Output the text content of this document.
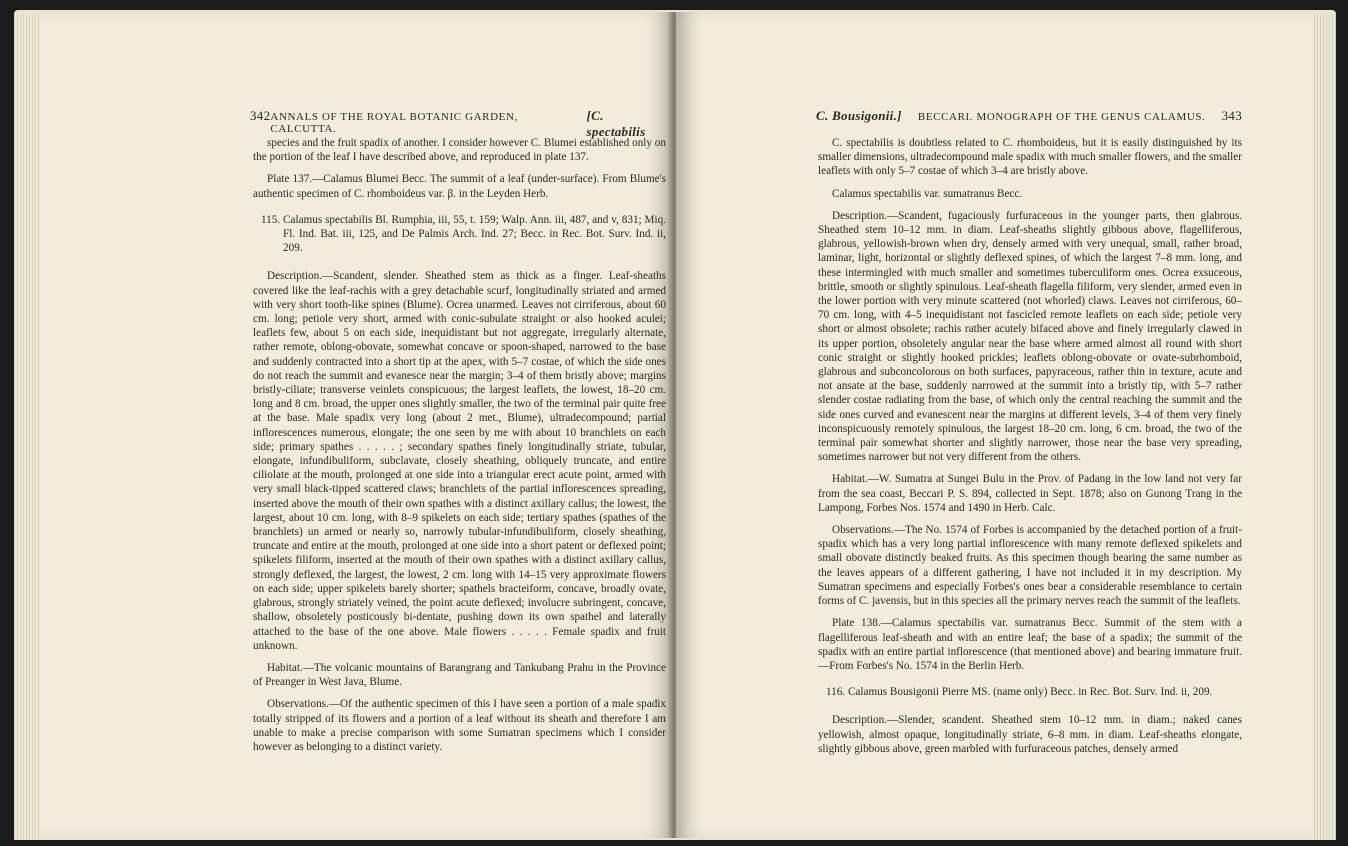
342 ANNALS OF THE ROYAL BOTANIC GARDEN, CALCUTTA.
[C. spectabilis

species and the fruit spadix of another. I consider however C. Blumei established only on the portion of the leaf I have described above, and reproduced in plate 137.

Plate 137.—Calamus Blumei Becc. The summit of a leaf (under-surface). From Blume's authentic specimen of C. rhomboideus var. β. in the Leyden Herb.

115. Calamus spectabilis Bl. Rumphia, iii, 55, t. 159; Walp. Ann. iii, 487, and v, 831; Miq. Fl. Ind. Bat. iii, 125, and De Palmis Arch. Ind. 27; Becc. in Rec. Bot. Surv. Ind. ii, 209.

Description.—Scandent, slender. Sheathed stem as thick as a finger. Leaf-sheaths covered like the leaf-rachis with a grey detachable scurf, longitudinally striated and armed with very short tooth-like spines (Blume). Ocrea unarmed. Leaves not cirriferous, about 60 cm. long; petiole very short, armed with conic-subulate straight or also hooked aculei; leaflets few, about 5 on each side, inequidistant but not aggregate, irregularly alternate, rather remote, oblong-obovate, somewhat concave or spoon-shaped, narrowed to the base and suddenly contracted into a short tip at the apex, with 5–7 costae, of which the side ones do not reach the summit and evanesce near the margin; 3–4 of them bristly above; margins bristly-ciliate; transverse veinlets conspicuous; the largest leaflets, the lowest, 18–20 cm. long and 8 cm. broad, the upper ones slightly smaller, the two of the terminal pair quite free at the base. Male spadix very long (about 2 met., Blume), ultradecompound; partial inflorescences numerous, elongate; the one seen by me with about 10 branchlets on each side; primary spathes . . . . . ; secondary spathes finely longitudinally striate, tubular, elongate, infundibuliform, subclavate, closely sheathing, obliquely truncate, and entire ciliolate at the mouth, prolonged at one side into a triangular erect acute point, armed with very small black-tipped scattered claws; branchlets of the partial inflorescences spreading, inserted above the mouth of their own spathes with a distinct axillary callus; the lowest, the largest, about 10 cm. long, with 8–9 spikelets on each side; tertiary spathes (spathes of the branchlets) un armed or nearly so, narrowly tubular-infundibuliform, closely sheathing, truncate and entire at the mouth, prolonged at one side into a short patent or deflexed point; spikelets filiform, inserted at the mouth of their own spathes with a distinct axillary callus, strongly deflexed, the largest, the lowest, 2 cm. long with 14–15 very approximate flowers on each side; upper spikelets barely shorter; spathels bracteiform, concave, broadly ovate, glabrous, strongly striately veined, the point acute deflexed; involucre subringent, concave, shallow, obsoletely posticously bi-dentate, pushing down its own spathel and laterally attached to the base of the one above. Male flowers . . . . . Female spadix and fruit unknown.

Habitat.—The volcanic mountains of Barangrang and Tankubang Prahu in the Province of Preanger in West Java, Blume.

Observations.—Of the authentic specimen of this I have seen a portion of a male spadix totally stripped of its flowers and a portion of a leaf without its sheath and therefore I am unable to make a precise comparison with some Sumatran specimens which I consider however as belonging to a distinct variety.

C. Bousigonii.] BECCARI. MONOGRAPH OF THE GENUS CALAMUS. 343

C. spectabilis is doubtless related to C. rhomboideus, but it is easily distinguished by its smaller dimensions, ultradecompound male spadix with much smaller flowers, and the smaller leaflets with only 5–7 costae of which 3–4 are bristly above.

Calamus spectabilis var. sumatranus Becc.

Description.—Scandent, fugaciously furfuraceous in the younger parts, then glabrous. Sheathed stem 10–12 mm. in diam. Leaf-sheaths slightly gibbous above, flagelliferous, glabrous, yellowish-brown when dry, densely armed with very unequal, small, rather broad, laminar, light, horizontal or slightly deflexed spines, of which the largest 7–8 mm. long, and these intermingled with much smaller and sometimes tuberculiform ones. Ocrea exsuceous, brittle, smooth or slightly spinulous. Leaf-sheath flagella filiform, very slender, armed even in the lower portion with very minute scattered (not whorled) claws. Leaves not cirriferous, 60–70 cm. long, with 4–5 inequidistant not fascicled remote leaflets on each side; petiole very short or almost obsolete; rachis rather acutely bifaced above and finely irregularly clawed in its upper portion, obsoletely angular near the base where armed almost all round with short conic straight or slightly hooked prickles; leaflets oblong-obovate or ovate-subrhomboid, glabrous and subconcolorous on both surfaces, papyraceous, rather thin in texture, acute and not ansate at the base, suddenly narrowed at the summit into a bristly tip, with 5–7 rather slender costae radiating from the base, of which only the central reaching the summit and the side ones curved and evanescent near the margins at different levels, 3–4 of them very finely inconspicuously remotely spinulous, the largest 18–20 cm. long, 6 cm. broad, the two of the terminal pair somewhat shorter and slightly narrower, those near the base very spreading, sometimes narrower but not very different from the others.

Habitat.—W. Sumatra at Sungei Bulu in the Prov. of Padang in the low land not very far from the sea coast, Beccari P. S. 894, collected in Sept. 1878; also on Gunong Trang in the Lampong, Forbes Nos. 1574 and 1490 in Herb. Calc.

Observations.—The No. 1574 of Forbes is accompanied by the detached portion of a fruit-spadix which has a very long partial inflorescence with many remote deflexed spikelets and small obovate distinctly beaked fruits. As this specimen though bearing the same number as the leaves appears of a different gathering, I have not included it in my description. My Sumatran specimens and especially Forbes's ones bear a considerable resemblance to certain forms of C. javensis, but in this species all the primary nerves reach the summit of the leaflets.

Plate 138.—Calamus spectabilis var. sumatranus Becc. Summit of the stem with a flagelliferous leaf-sheath and with an entire leaf; the base of a spadix; the summit of the spadix with an entire partial inflorescence (that mentioned above) and bearing immature fruit.—From Forbes's No. 1574 in the Berlin Herb.

116. Calamus Bousigonii Pierre MS. (name only) Becc. in Rec. Bot. Surv. Ind. ii, 209.

Description.—Slender, scandent. Sheathed stem 10–12 mm. in diam.; naked canes yellowish, almost opaque, longitudinally striate, 6–8 mm. in diam. Leaf-sheaths elongate, slightly gibbous above, green marbled with furfuraceous patches, densely armed
